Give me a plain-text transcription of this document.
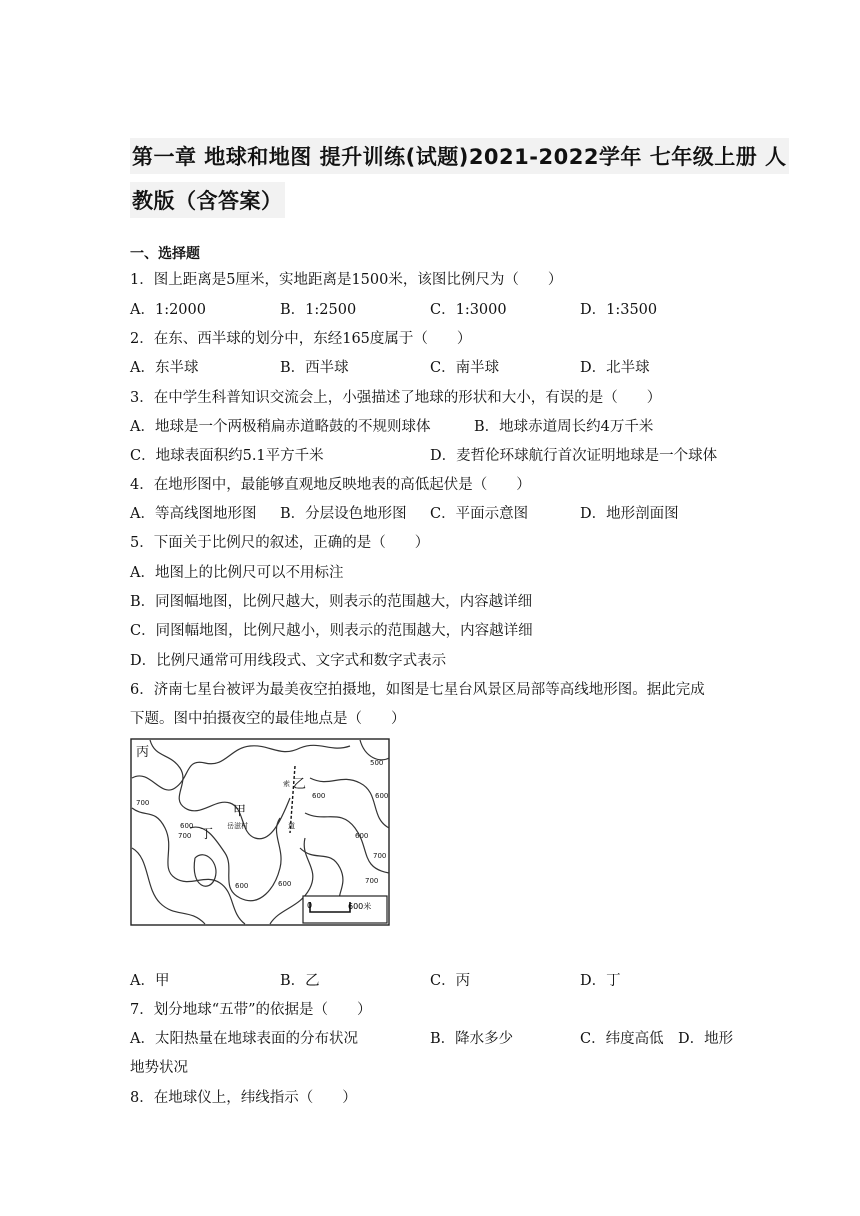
第一章 地球和地图 提升训练(试题)2021-2022学年 七年级上册 人
教版（含答案）
一、选择题
1．图上距离是5厘米，实地距离是1500米，该图比例尺为（　　）
A．1:2000	B．1:2500	C．1:3000	D．1:3500
2．在东、西半球的划分中，东经165度属于（　　）
A．东半球	B．西半球	C．南半球	D．北半球
3．在中学生科普知识交流会上，小强描述了地球的形状和大小，有误的是（　　）
A．地球是一个两极稍扁赤道略鼓的不规则球体	B．地球赤道周长约4万千米
C．地球表面积约5.1平方千米	D．麦哲伦环球航行首次证明地球是一个球体
4．在地形图中，最能够直观地反映地表的高低起伏是（　　）
A．等高线图地形图 B．分层设色地形图 C．平面示意图	D．地形剖面图
5．下面关于比例尺的叙述，正确的是（　　）
A．地图上的比例尺可以不用标注
B．同图幅地图，比例尺越大，则表示的范围越大，内容越详细
C．同图幅地图，比例尺越小，则表示的范围越大，内容越详细
D．比例尺通常可用线段式、文字式和数字式表示
6．济南七星台被评为最美夜空拍摄地，如图是七星台风景区局部等高线地形图。据此完成
下题。图中拍摄夜空的最佳地点是（　　）
丙
乙
甲
丁
岳滋村
500
600
700
700
600
600
700
600	600	700
600
索
道
0	600米
A．甲	B．乙	C．丙	D．丁
7．划分地球“五带”的依据是（　　）
A．太阳热量在地球表面的分布状况	B．降水多少	C．纬度高低 D．地形
地势状况
8．在地球仪上，纬线指示（　　）
